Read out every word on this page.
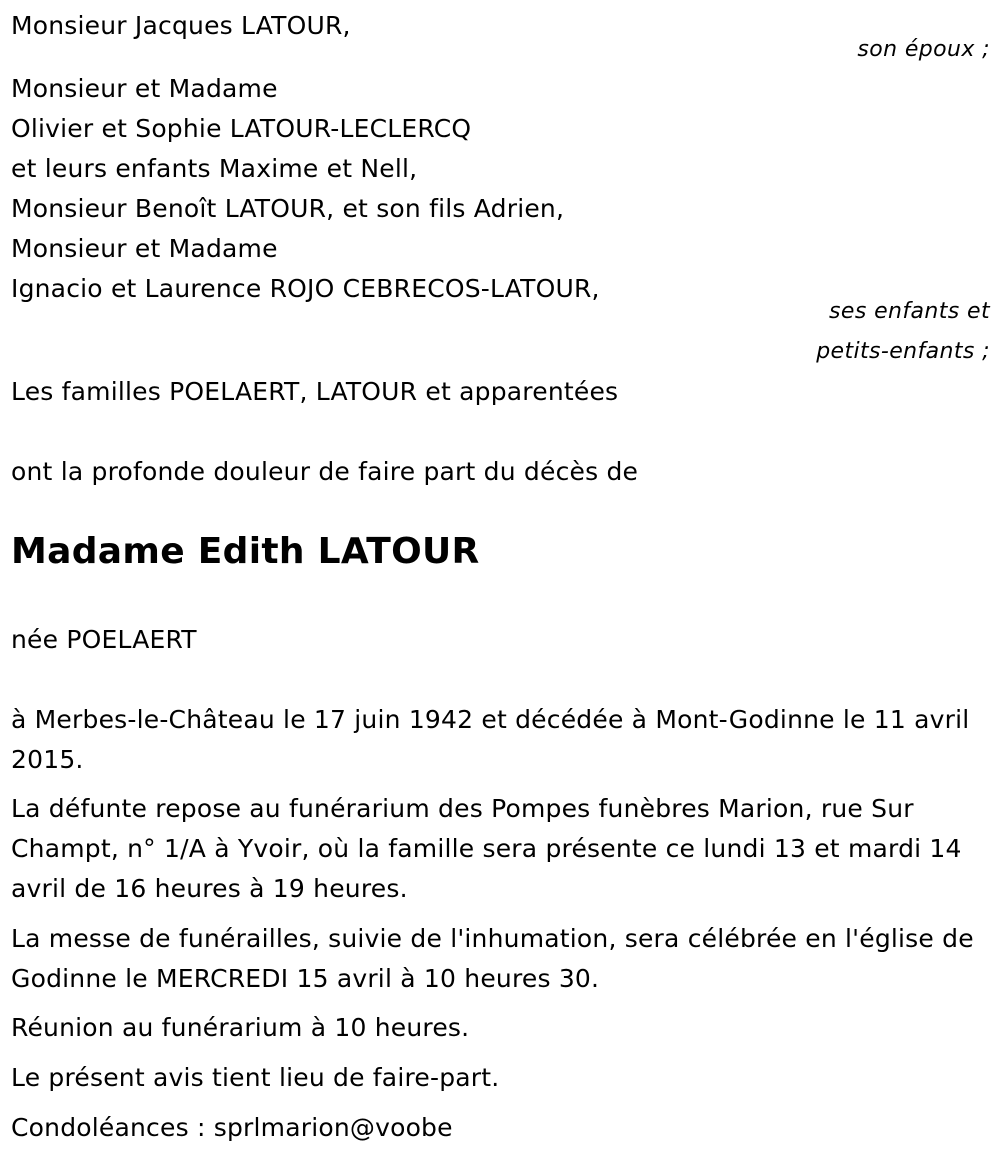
Monsieur Jacques LATOUR,
son époux ;
Monsieur et Madame
Olivier et Sophie LATOUR-LECLERCQ
et leurs enfants Maxime et Nell,
Monsieur Benoît LATOUR, et son fils Adrien,
Monsieur et Madame
Ignacio et Laurence ROJO CEBRECOS-LATOUR,
ses enfants et
petits-enfants ;
Les familles POELAERT, LATOUR et apparentées
ont la profonde douleur de faire part du décès de
Madame Edith LATOUR
née POELAERT
à Merbes-le-Château le 17 juin 1942 et décédée à Mont-Godinne le 11 avril 2015.
La défunte repose au funérarium des Pompes funèbres Marion, rue Sur Champt, n° 1/A à Yvoir, où la famille sera présente ce lundi 13 et mardi 14 avril de 16 heures à 19 heures.
La messe de funérailles, suivie de l'inhumation, sera célébrée en l'église de Godinne le MERCREDI 15 avril à 10 heures 30.
Réunion au funérarium à 10 heures.
Le présent avis tient lieu de faire-part.
Condoléances : sprlmarion@voobe
